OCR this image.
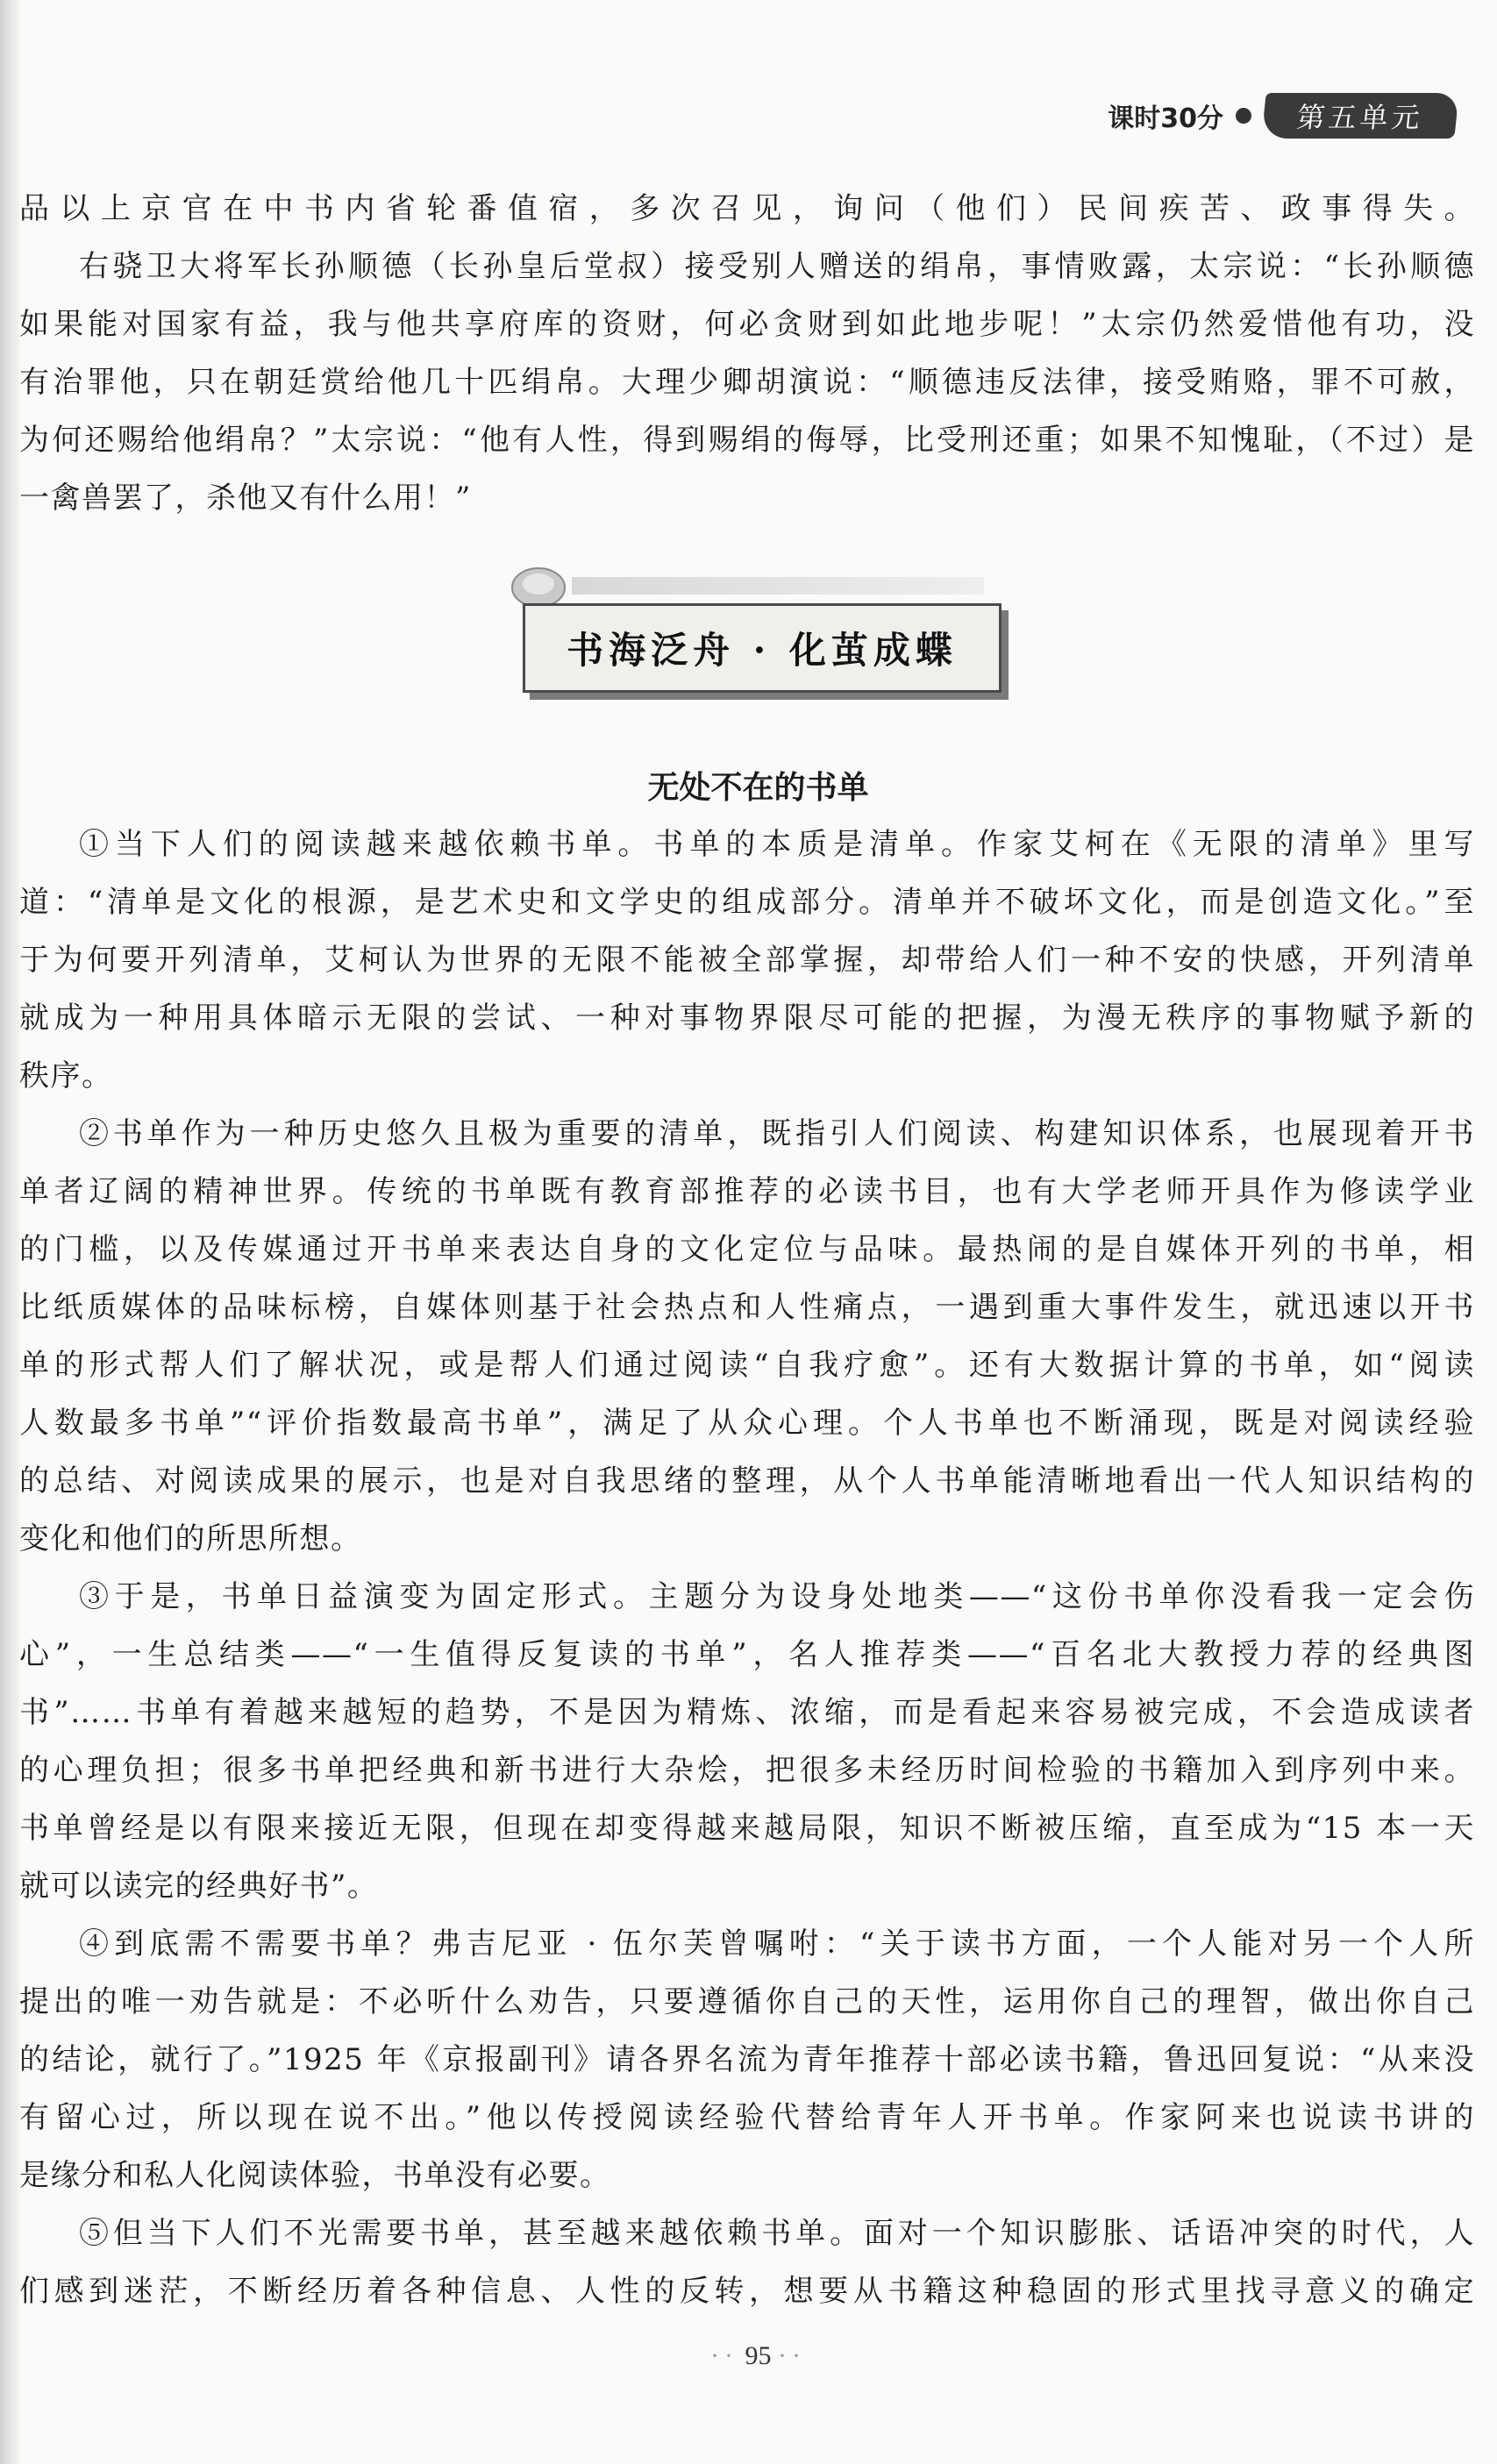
课时30分	第五单元
品以上京官在中书内省轮番值宿，多次召见，询问（他们）民间疾苦、政事得失。
右骁卫大将军长孙顺德（长孙皇后堂叔）接受别人赠送的绢帛，事情败露，太宗说：“长孙顺德
如果能对国家有益，我与他共享府库的资财，何必贪财到如此地步呢！”太宗仍然爱惜他有功，没
有治罪他，只在朝廷赏给他几十匹绢帛。大理少卿胡演说：“顺德违反法律，接受贿赂，罪不可赦，
为何还赐给他绢帛？”太宗说：“他有人性，得到赐绢的侮辱，比受刑还重；如果不知愧耻，（不过）是
一禽兽罢了，杀他又有什么用！”
书海泛舟 · 化茧成蝶
无处不在的书单
①当下人们的阅读越来越依赖书单。书单的本质是清单。作家艾柯在《无限的清单》里写
道：“清单是文化的根源，是艺术史和文学史的组成部分。清单并不破坏文化，而是创造文化。”至
于为何要开列清单，艾柯认为世界的无限不能被全部掌握，却带给人们一种不安的快感，开列清单
就成为一种用具体暗示无限的尝试、一种对事物界限尽可能的把握，为漫无秩序的事物赋予新的
秩序。
②书单作为一种历史悠久且极为重要的清单，既指引人们阅读、构建知识体系，也展现着开书
单者辽阔的精神世界。传统的书单既有教育部推荐的必读书目，也有大学老师开具作为修读学业
的门槛，以及传媒通过开书单来表达自身的文化定位与品味。最热闹的是自媒体开列的书单，相
比纸质媒体的品味标榜，自媒体则基于社会热点和人性痛点，一遇到重大事件发生，就迅速以开书
单的形式帮人们了解状况，或是帮人们通过阅读“自我疗愈”。还有大数据计算的书单，如“阅读
人数最多书单”“评价指数最高书单”，满足了从众心理。个人书单也不断涌现，既是对阅读经验
的总结、对阅读成果的展示，也是对自我思绪的整理，从个人书单能清晰地看出一代人知识结构的
变化和他们的所思所想。
③于是，书单日益演变为固定形式。主题分为设身处地类——“这份书单你没看我一定会伤
心”，一生总结类——“一生值得反复读的书单”，名人推荐类——“百名北大教授力荐的经典图
书”……书单有着越来越短的趋势，不是因为精炼、浓缩，而是看起来容易被完成，不会造成读者
的心理负担；很多书单把经典和新书进行大杂烩，把很多未经历时间检验的书籍加入到序列中来。
书单曾经是以有限来接近无限，但现在却变得越来越局限，知识不断被压缩，直至成为“15 本一天
就可以读完的经典好书”。
④到底需不需要书单？弗吉尼亚 · 伍尔芙曾嘱咐：“关于读书方面，一个人能对另一个人所
提出的唯一劝告就是：不必听什么劝告，只要遵循你自己的天性，运用你自己的理智，做出你自己
的结论，就行了。”1925 年《京报副刊》请各界名流为青年推荐十部必读书籍，鲁迅回复说：“从来没
有留心过，所以现在说不出。”他以传授阅读经验代替给青年人开书单。作家阿来也说读书讲的
是缘分和私人化阅读体验，书单没有必要。
⑤但当下人们不光需要书单，甚至越来越依赖书单。面对一个知识膨胀、话语冲突的时代，人
们感到迷茫，不断经历着各种信息、人性的反转，想要从书籍这种稳固的形式里找寻意义的确定
·· 95 ··
